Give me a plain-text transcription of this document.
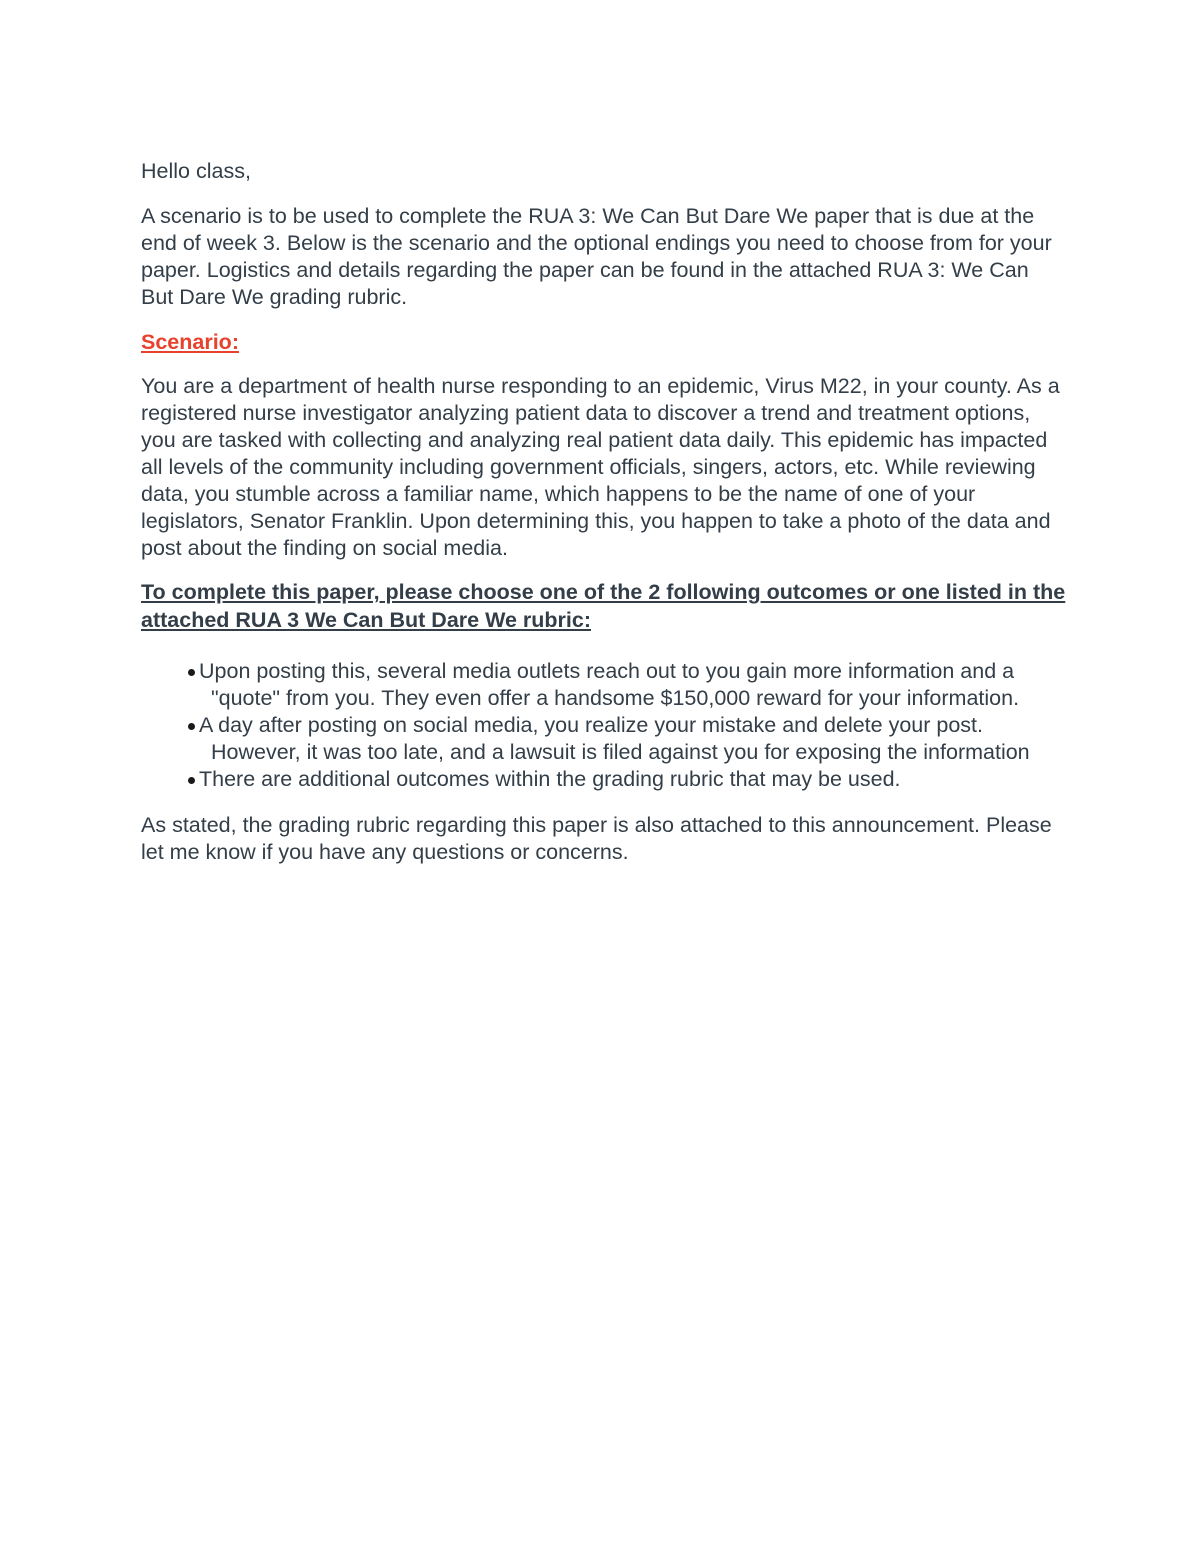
Hello class,

A scenario is to be used to complete the RUA 3: We Can But Dare We paper that is due at the end of week 3. Below is the scenario and the optional endings you need to choose from for your paper. Logistics and details regarding the paper can be found in the attached RUA 3: We Can But Dare We grading rubric.

Scenario:

You are a department of health nurse responding to an epidemic, Virus M22, in your county. As a registered nurse investigator analyzing patient data to discover a trend and treatment options, you are tasked with collecting and analyzing real patient data daily. This epidemic has impacted all levels of the community including government officials, singers, actors, etc. While reviewing data, you stumble across a familiar name, which happens to be the name of one of your legislators, Senator Franklin. Upon determining this, you happen to take a photo of the data and post about the finding on social media.

To complete this paper, please choose one of the 2 following outcomes or one listed in the attached RUA 3 We Can But Dare We rubric:

Upon posting this, several media outlets reach out to you gain more information and a "quote" from you. They even offer a handsome $150,000 reward for your information.
A day after posting on social media, you realize your mistake and delete your post. However, it was too late, and a lawsuit is filed against you for exposing the information
There are additional outcomes within the grading rubric that may be used.

As stated, the grading rubric regarding this paper is also attached to this announcement. Please let me know if you have any questions or concerns.
